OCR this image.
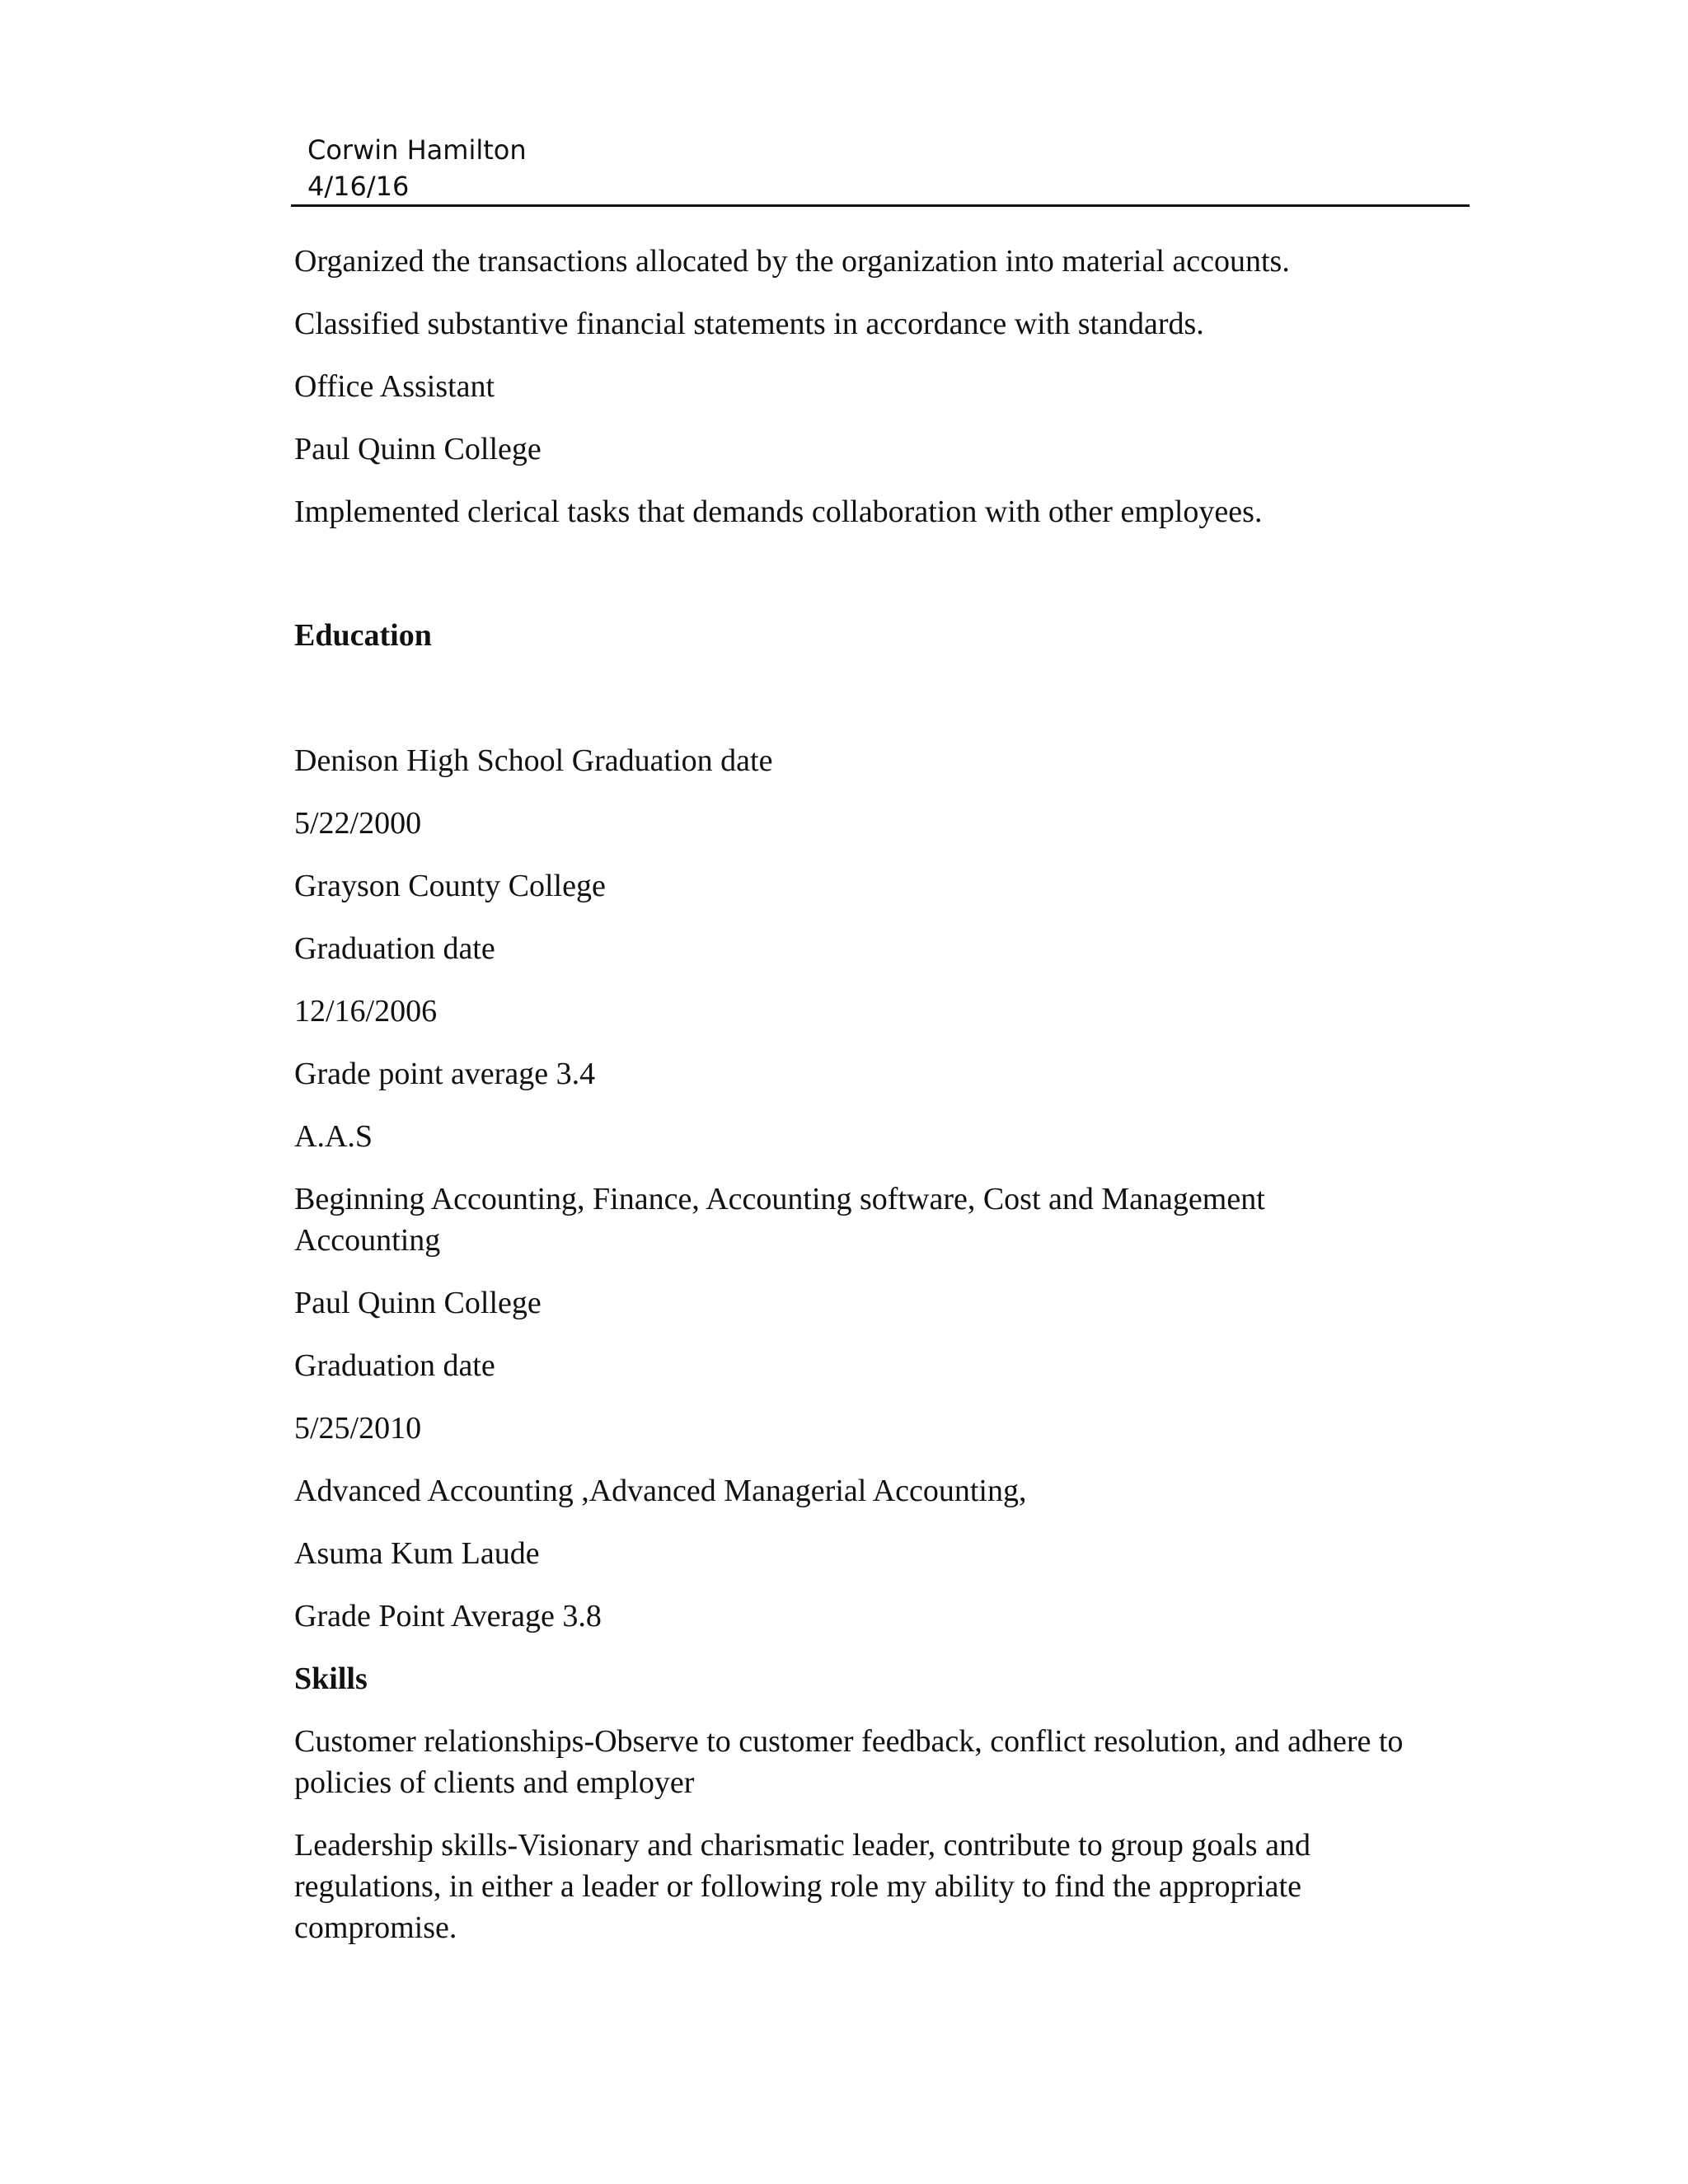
Corwin Hamilton
4/16/16

Organized the transactions allocated by the organization into material accounts.

Classified substantive financial statements in accordance with standards.

Office Assistant

Paul Quinn College

Implemented clerical tasks that demands collaboration with other employees.

Education

Denison High School Graduation date

5/22/2000

Grayson County College

Graduation date

12/16/2006

Grade point average 3.4

A.A.S

Beginning Accounting, Finance, Accounting software, Cost and Management Accounting

Paul Quinn College

Graduation date

5/25/2010

Advanced Accounting ,Advanced Managerial Accounting,

Asuma Kum Laude

Grade Point Average 3.8

Skills

Customer relationships-Observe to customer feedback, conflict resolution, and adhere to policies of clients and employer

Leadership skills-Visionary and charismatic leader, contribute to group goals and regulations, in either a leader or following role my ability to find the appropriate compromise.
